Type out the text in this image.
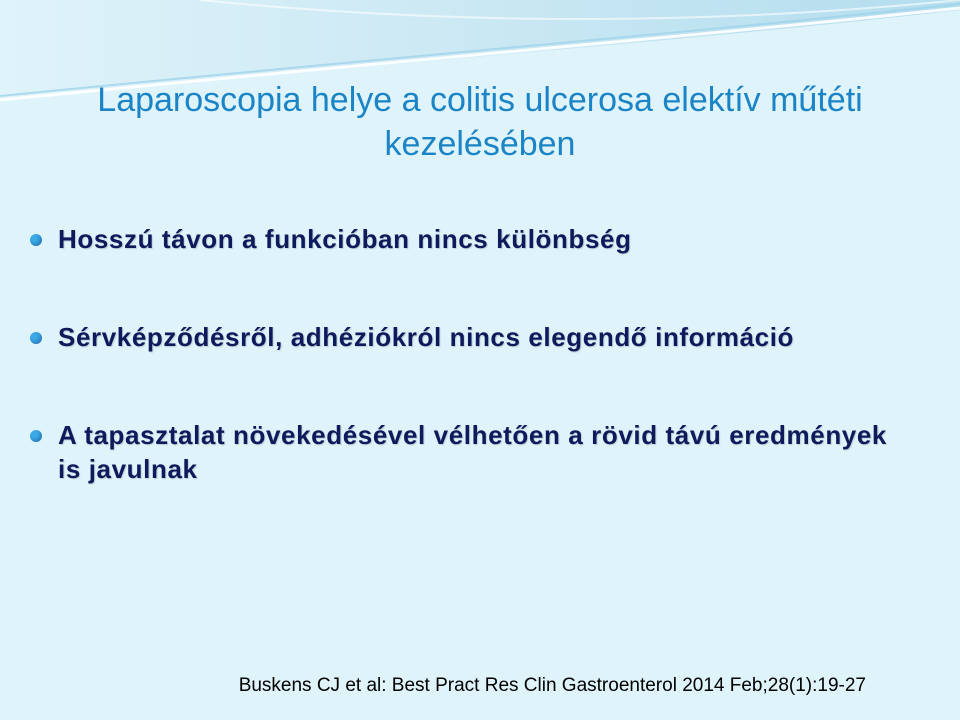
Laparoscopia helye a colitis ulcerosa elektív műtéti kezelésében
Hosszú távon a funkcióban nincs különbség
Sérvképződésről, adhéziókról nincs elegendő információ
A tapasztalat növekedésével vélhetően a rövid távú eredmények is javulnak
Buskens CJ et al: Best Pract Res Clin Gastroenterol 2014 Feb;28(1):19-27
